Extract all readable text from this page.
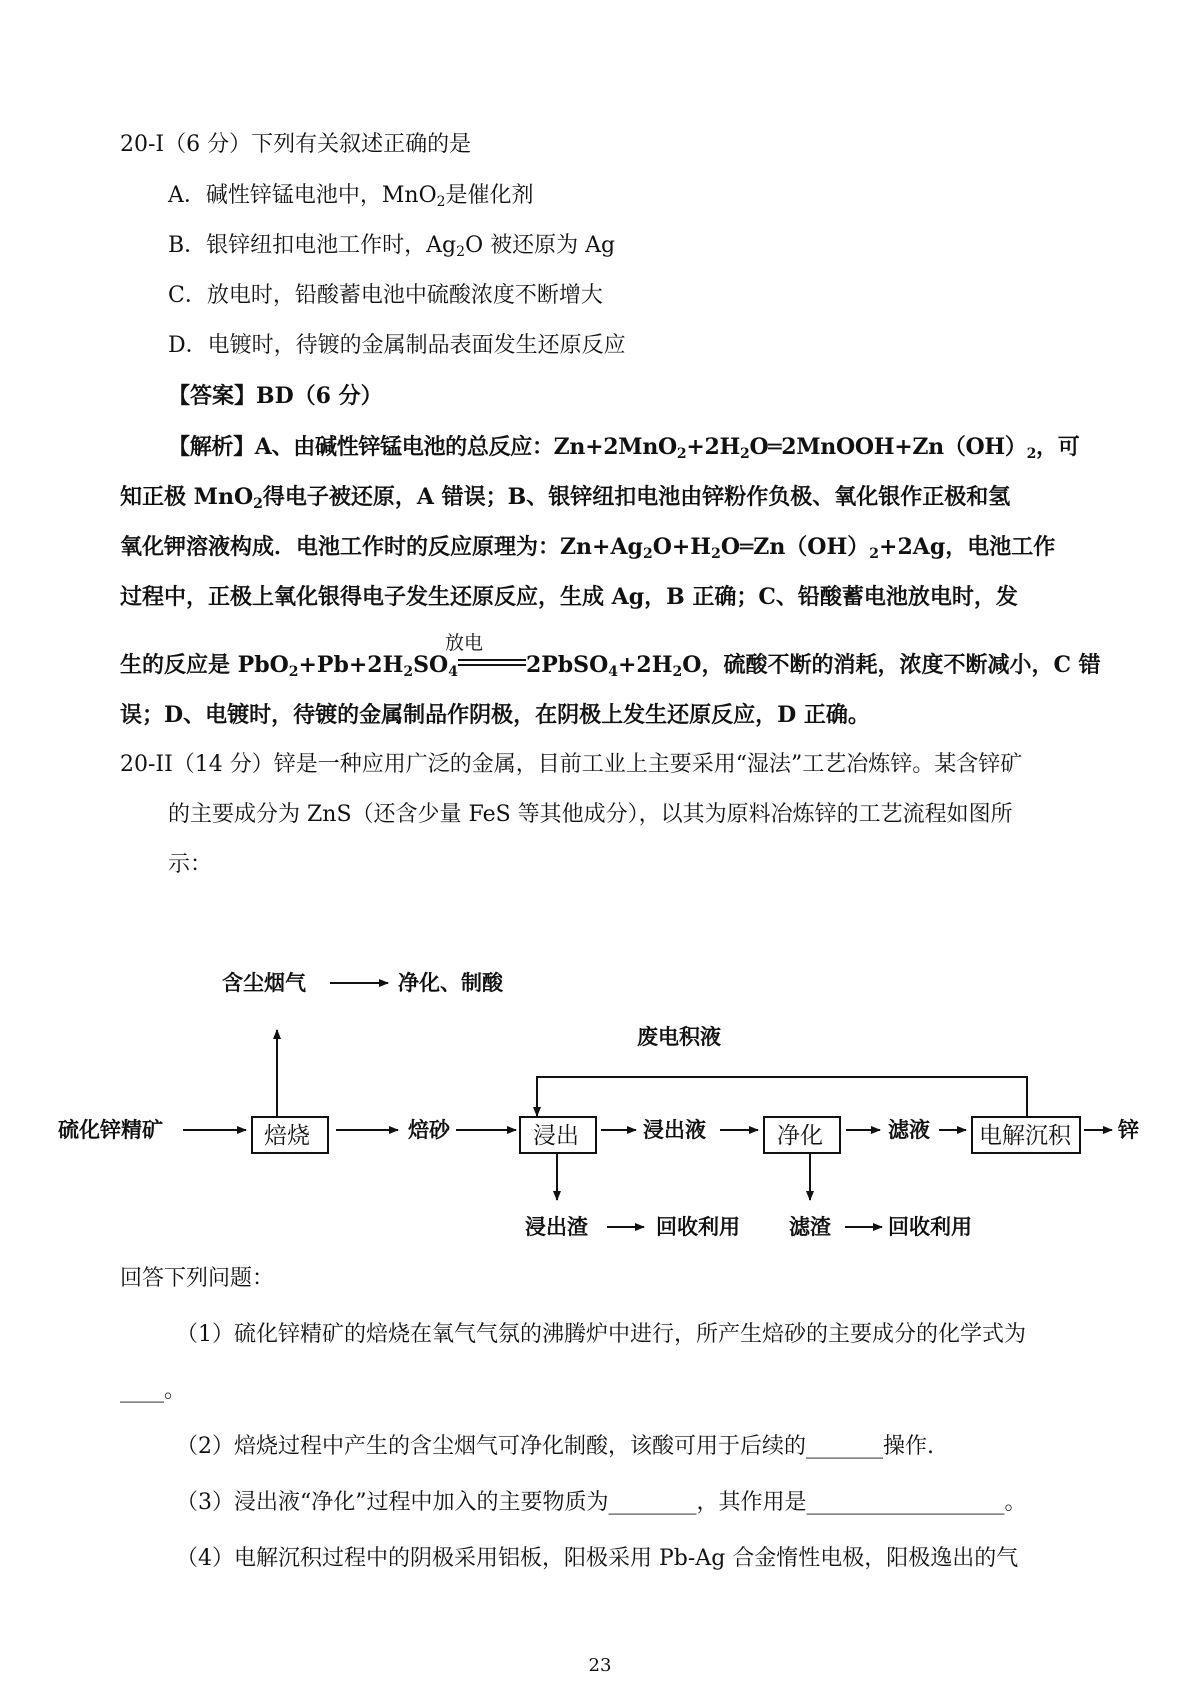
20-I（6 分）下列有关叙述正确的是
A．碱性锌锰电池中，MnO$_2$是催化剂
B．银锌纽扣电池工作时，$Ag_2O$ 被还原为 Ag
C．放电时，铅酸蓄电池中硫酸浓度不断增大
D．电镀时，待镀的金属制品表面发生还原反应
【答案】BD（6 分）
【解析】A、由碱性锌锰电池的总反应：$Zn+2MnO_2+2H_2O═2MnOOH+Zn(OH)_2$，可
知正极 MnO$_2$得电子被还原，A 错误；B、银锌纽扣电池由锌粉作负极、氧化银作正极和氢
氧化钾溶液构成．电池工作时的反应原理为：$Zn+Ag_2O+H_2O═Zn(OH)_2+2Ag$，电池工作
过程中，正极上氧化银得电子发生还原反应，生成 Ag，B 正确；C、铅酸蓄电池放电时，发
放电
生的反应是 $PbO_2+Pb+2H_2SO_4$	$2PbSO_4+2H_2O$，硫酸不断的消耗，浓度不断减小，C 错
误；D、电镀时，待镀的金属制品作阴极，在阴极上发生还原反应，D 正确。
20-II（14 分）锌是一种应用广泛的金属，目前工业上主要采用“湿法”工艺冶炼锌。某含锌矿
的主要成分为 ZnS（还含少量 FeS 等其他成分），以其为原料冶炼锌的工艺流程如图所
示：
含尘烟气	净化、制酸
废电积液
硫化锌精矿	焙烧	焙砂	浸出	浸出液	净化	滤液 电解沉积 锌
浸出渣	回收利用 滤渣	回收利用
回答下列问题：
（1）硫化锌精矿的焙烧在氧气气氛的沸腾炉中进行，所产生焙砂的主要成分的化学式为
____。
（2）焙烧过程中产生的含尘烟气可净化制酸，该酸可用于后续的_______操作.
（3）浸出液“净化”过程中加入的主要物质为________，其作用是__________________。
（4）电解沉积过程中的阴极采用铝板，阳极采用 Pb-Ag 合金惰性电极，阳极逸出的气
23
